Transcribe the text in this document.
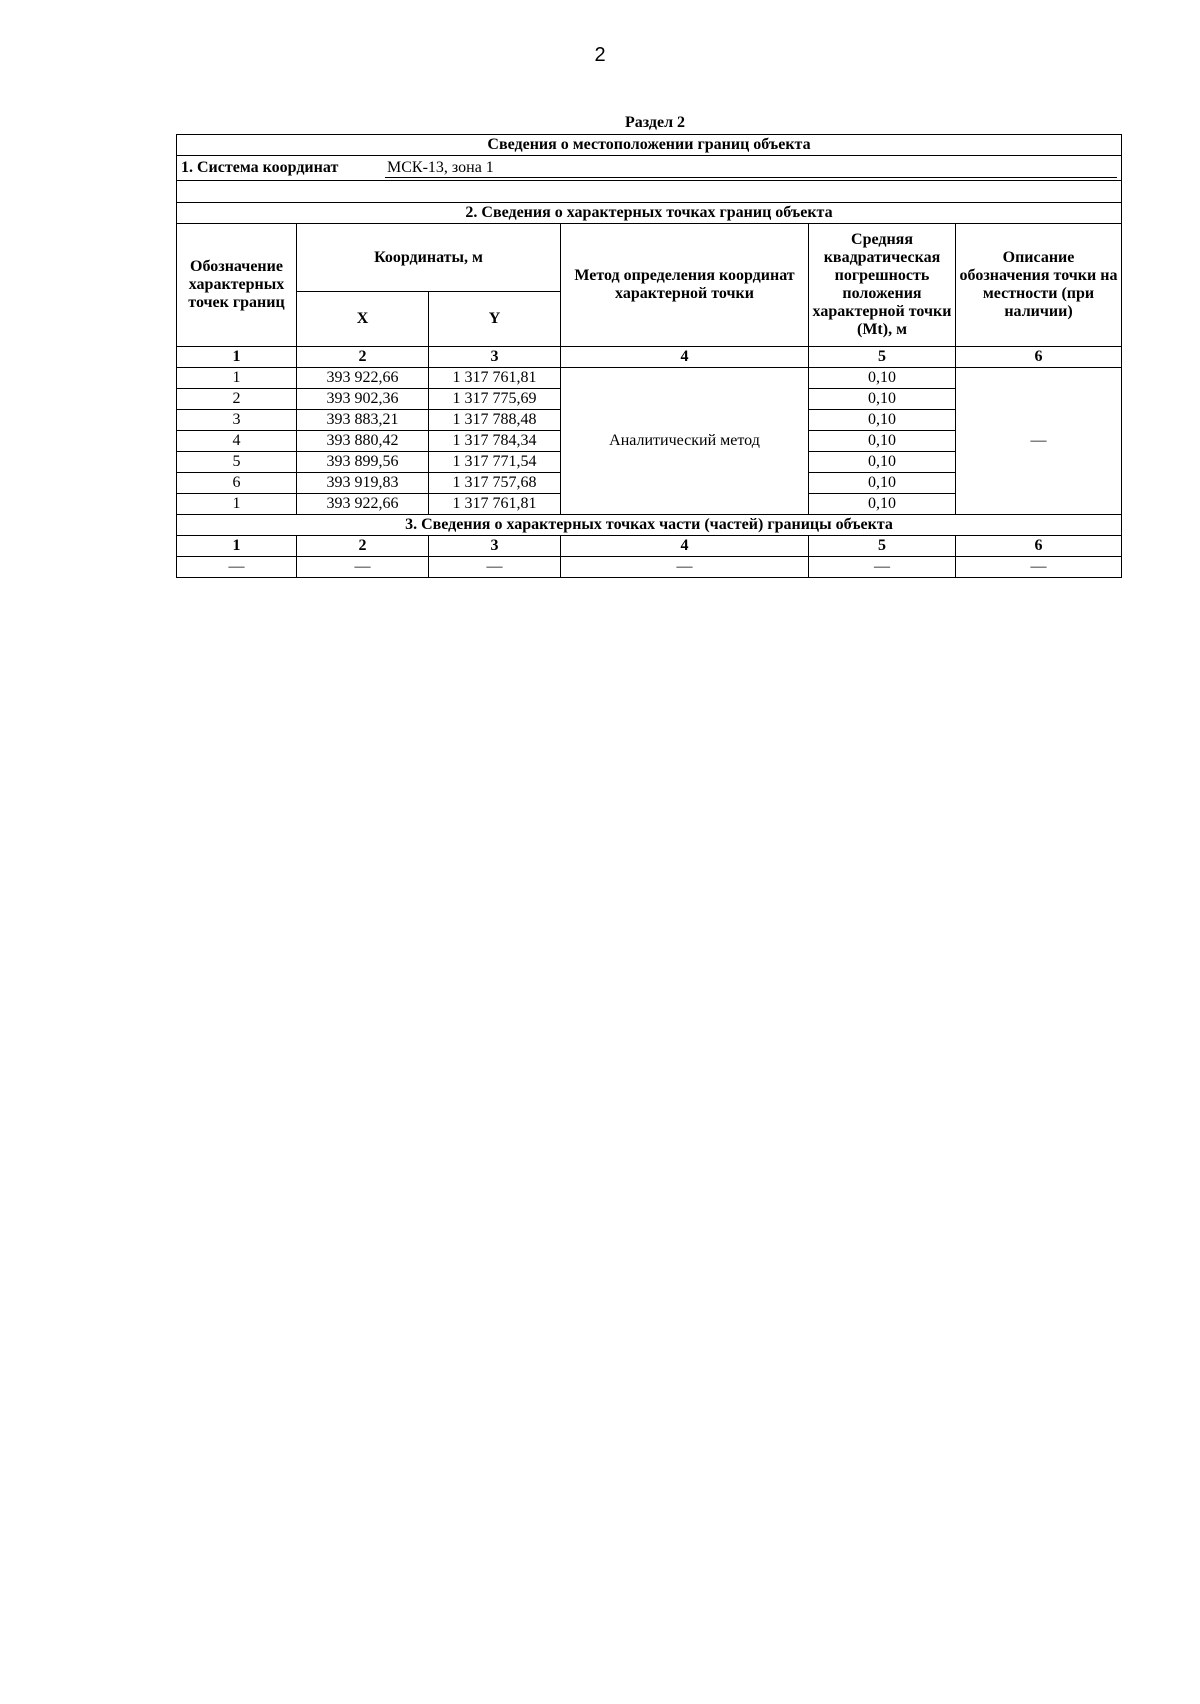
2
Раздел 2
Сведения о местоположении границ объекта					
1. Система координат МСК-13, зона 1					

2. Сведения о характерных точках границ объекта					
Обозначение характерных точек границ	Координаты, м		Метод определения координат характерной точки	Средняя квадратическая погрешность положения характерной точки (Mt), м	Описание обозначения точки на местности (при наличии)
	X	Y			
1	2	3	4	5	6
1	393 922,66	1 317 761,81	Аналитический метод	0,10	—
2	393 902,36	1 317 775,69		0,10	
3	393 883,21	1 317 788,48		0,10	
4	393 880,42	1 317 784,34		0,10	
5	393 899,56	1 317 771,54		0,10	
6	393 919,83	1 317 757,68		0,10	
1	393 922,66	1 317 761,81		0,10	
3. Сведения о характерных точках части (частей) границы объекта					
1	2	3	4	5	6
—	—	—	—	—	—
